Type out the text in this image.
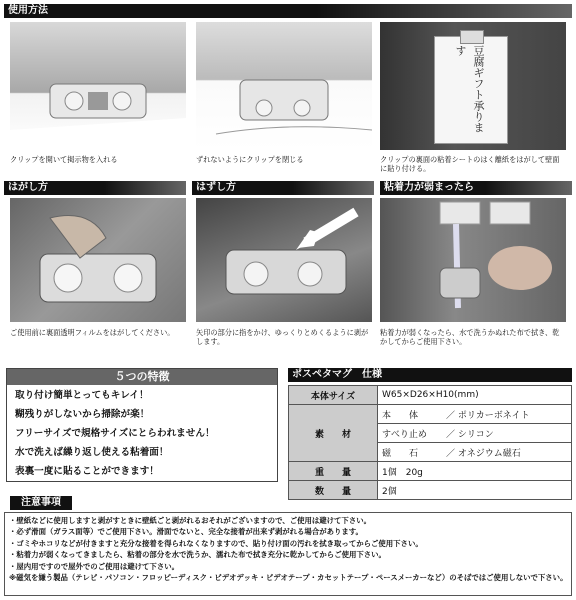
使用方法
豆腐ギフト承ります
クリップを開いて掲示物を入れる	ずれないようにクリップを閉じる	クリップの裏面の粘着シートのはく離紙をはがして壁面に貼り付ける。
はがし方	はずし方	粘着力が弱まったら
ご使用前に裏面透明フィルムをはがしてください。	矢印の部分に指をかけ、ゆっくりとめくるように剥がします。
粘着力が弱くなったら、水で洗うかぬれた布で拭き、乾かしてからご使用下さい。
５つの特徴
取り付け簡単とってもキレイ！
糊残りがしないから掃除が楽！
フリーサイズで規格サイズにとらわれません！
水で洗えば繰り返し使える粘着面！
表裏一度に貼ることができます！
ポスペタマグ　仕様
本体サイズ	W65×D26×H10(mm)	
素　　材	本　　体	／ ポリカーボネイト
	すべり止め	／ シリコン
	磁　　石	／ オネジウム磁石
重　　量	1個　20g	
数　　量	2個	
注意事項
・壁紙などに使用しますと剥がすときに壁紙ごと剥がれるおそれがございますので、ご使用は避けて下さい。
・必ず滑面（ガラス面等）でご使用下さい。滑面でないと、完全な接着が出来ず剥がれる場合があります。
・ゴミやホコリなどが付きますと充分な接着を得られなくなりますので、貼り付け面の汚れを拭き取ってからご使用下さい。
・粘着力が弱くなってきましたら、粘着の部分を水で洗うか、濡れた布で拭き充分に乾かしてからご使用下さい。
・屋内用ですので屋外でのご使用は避けて下さい。
※磁気を嫌う製品（テレビ・パソコン・フロッピーディスク・ビデオデッキ・ビデオテープ・カセットテープ・ペースメーカーなど）のそばではご使用しないで下さい。
